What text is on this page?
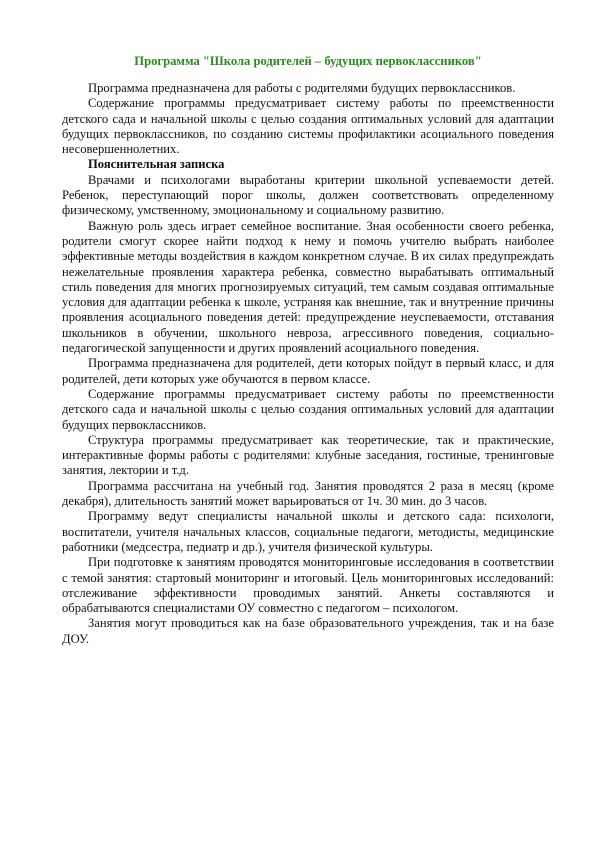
Программа "Школа родителей – будущих первоклассников"

Программа предназначена для работы с родителями будущих первоклассников.

Содержание программы предусматривает систему работы по преемственности детского сада и начальной школы с целью создания оптимальных условий для адаптации будущих первоклассников, по созданию системы профилактики асоциального поведения несовершеннолетних.

Пояснительная записка

Врачами и психологами выработаны критерии школьной успеваемости детей. Ребенок, переступающий порог школы, должен соответствовать определенному физическому, умственному, эмоциональному и социальному развитию.

Важную роль здесь играет семейное воспитание. Зная особенности своего ребенка, родители смогут скорее найти подход к нему и помочь учителю выбрать наиболее эффективные методы воздействия в каждом конкретном случае. В их силах предупреждать нежелательные проявления характера ребенка, совместно вырабатывать оптимальный стиль поведения для многих прогнозируемых ситуаций, тем самым создавая оптимальные условия для адаптации ребенка к школе, устраняя как внешние, так и внутренние причины проявления асоциального поведения детей: предупреждение неуспеваемости, отставания школьников в обучении, школьного невроза, агрессивного поведения, социально-педагогической запущенности и других проявлений асоциального поведения.

Программа предназначена для родителей, дети которых пойдут в первый класс, и для родителей, дети которых уже обучаются в первом классе.

Содержание программы предусматривает систему работы по преемственности детского сада и начальной школы с целью создания оптимальных условий для адаптации будущих первоклассников.

Структура программы предусматривает как теоретические, так и практические, интерактивные формы работы с родителями: клубные заседания, гостиные, тренинговые занятия, лектории и т.д.

Программа рассчитана на учебный год. Занятия проводятся 2 раза в месяц (кроме декабря), длительность занятий может варьироваться от 1ч. 30 мин. до 3 часов.

Программу ведут специалисты начальной школы и детского сада: психологи, воспитатели, учителя начальных классов, социальные педагоги, методисты, медицинские работники (медсестра, педиатр и др.), учителя физической культуры.

При подготовке к занятиям проводятся мониторинговые исследования в соответствии с темой занятия: стартовый мониторинг и итоговый. Цель мониторинговых исследований: отслеживание эффективности проводимых занятий. Анкеты составляются и обрабатываются специалистами ОУ совместно с педагогом – психологом.

Занятия могут проводиться как на базе образовательного учреждения, так и на базе ДОУ.
